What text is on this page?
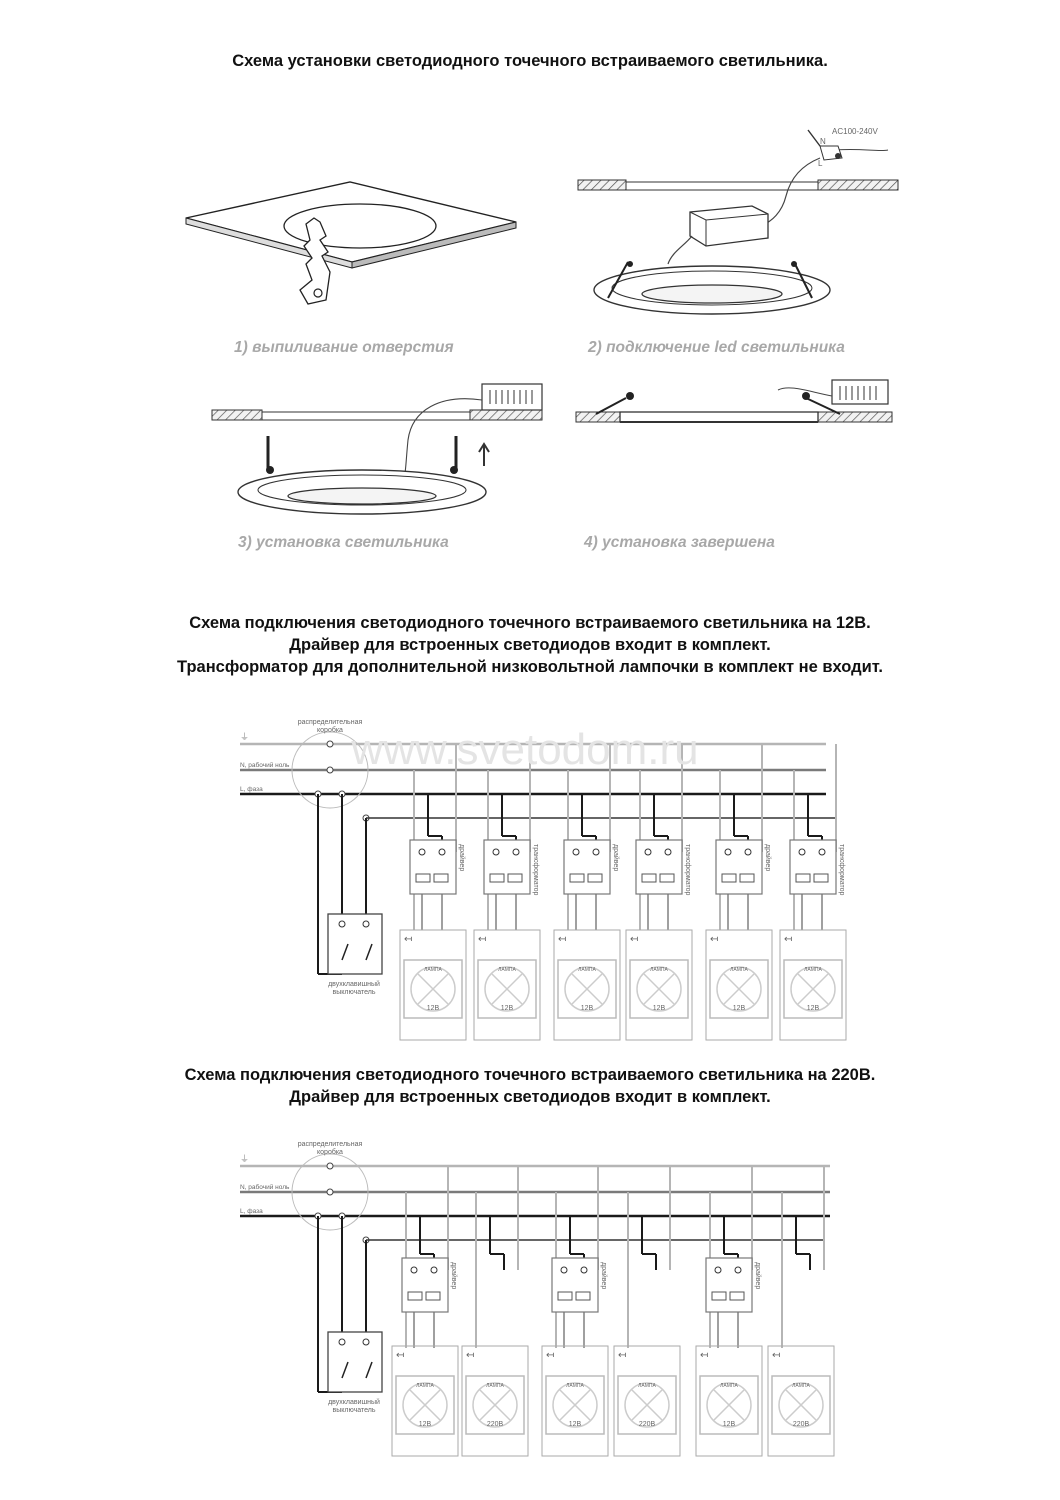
Схема установки светодиодного точечного встраиваемого светильника.
Схема подключения светодиодного точечного встраиваемого светильника на 12В.
Драйвер для встроенных светодиодов входит в комплект.
Трансформатор для дополнительной низковольтной лампочки в комплект не входит.
Схема подключения светодиодного точечного встраиваемого светильника на 220В.
Драйвер для встроенных светодиодов входит в комплект.
1) выпиливание отверстия	2) подключение led светильника
3) установка светильника	4) установка завершена
AC100-240V
N
L
⏚
N, рабочий ноль
L, фаза
распределительная
коробка
двухклавишный
выключатель
драйвер
↤
ЛАМПА
12В
трансформатор
↤
ЛАМПА
12В
драйвер
↤
ЛАМПА
12В
трансформатор
↤
ЛАМПА
12В
драйвер
↤
ЛАМПА
12В
трансформатор
↤
ЛАМПА
12В
www.svetodom.ru
⏚
N, рабочий ноль
L, фаза
распределительная
коробка
двухклавишный
выключатель
драйвер
↤
ЛАМПА
12В
↤
ЛАМПА
220В
драйвер
↤
ЛАМПА
12В
↤
ЛАМПА
220В
драйвер
↤
ЛАМПА
12В
↤
ЛАМПА
220В
